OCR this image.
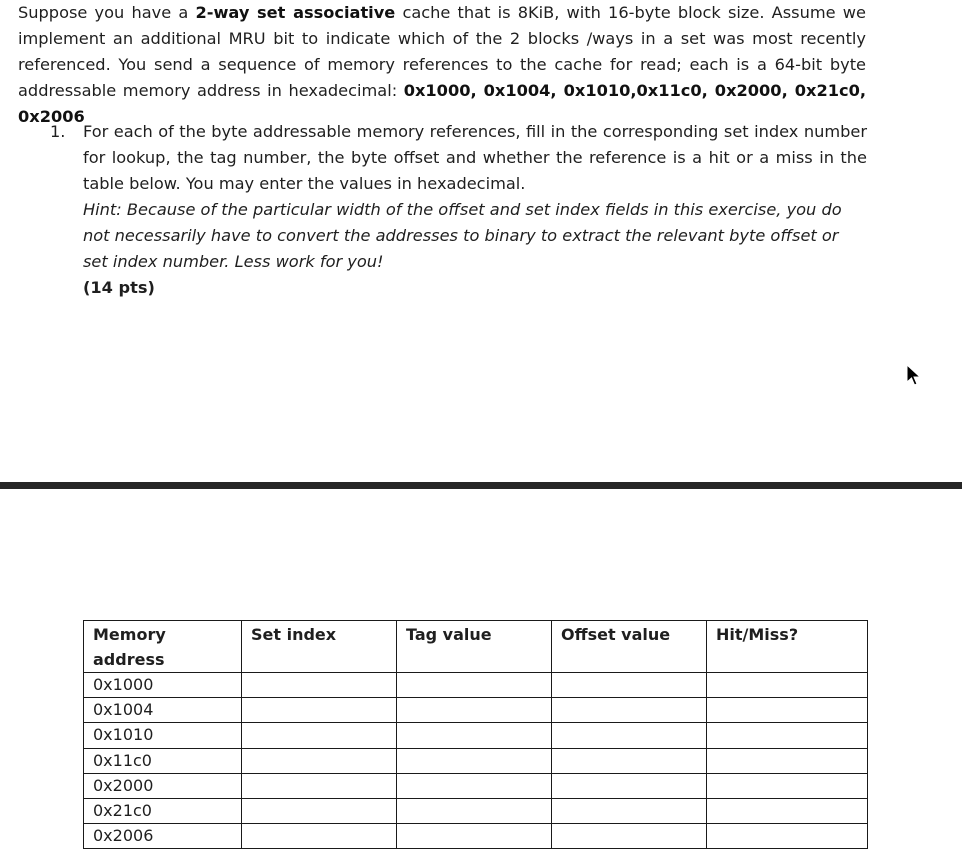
Suppose you have a 2-way set associative cache that is 8KiB, with 16-byte block size. Assume we implement an additional MRU bit to indicate which of the 2 blocks /ways in a set was most recently referenced. You send a sequence of memory references to the cache for read; each is a 64-bit byte addressable memory address in hexadecimal: 0x1000, 0x1004, 0x1010,0x11c0, 0x2000, 0x21c0, 0x2006
1.	For each of the byte addressable memory references, fill in the corresponding set index number for lookup, the tag number, the byte offset and whether the reference is a hit or a miss in the table below. You may enter the values in hexadecimal.
Hint: Because of the particular width of the offset and set index fields in this exercise, you do not necessarily have to convert the addresses to binary to extract the relevant byte offset or set index number. Less work for you!
(14 pts)
Memory address	Set index	Tag value	Offset value	Hit/Miss?
0x1000				
0x1004				
0x1010				
0x11c0				
0x2000				
0x21c0				
0x2006				
